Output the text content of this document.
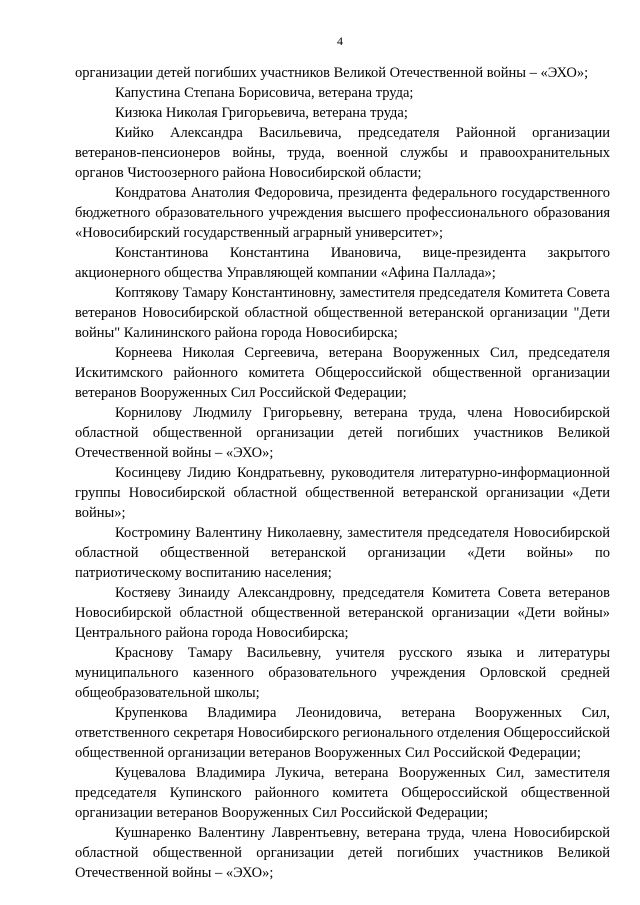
4

организации детей погибших участников Великой Отечественной войны – «ЭХО»;

Капустина Степана Борисовича, ветерана труда;

Кизюка Николая Григорьевича, ветерана труда;

Кийко Александра Васильевича, председателя Районной организации ветеранов-пенсионеров войны, труда, военной службы и правоохранительных органов Чистоозерного района Новосибирской области;

Кондратова Анатолия Федоровича, президента федерального государственного бюджетного образовательного учреждения высшего профессионального образования «Новосибирский государственный аграрный университет»;

Константинова Константина Ивановича, вице-президента закрытого акционерного общества Управляющей компании «Афина Паллада»;

Коптякову Тамару Константиновну, заместителя председателя Комитета Совета ветеранов Новосибирской областной общественной ветеранской организации "Дети войны" Калининского района города Новосибирска;

Корнеева Николая Сергеевича, ветерана Вооруженных Сил, председателя Искитимского районного комитета Общероссийской общественной организации ветеранов Вооруженных Сил Российской Федерации;

Корнилову Людмилу Григорьевну, ветерана труда, члена Новосибирской областной общественной организации детей погибших участников Великой Отечественной войны – «ЭХО»;

Косинцеву Лидию Кондратьевну, руководителя литературно-информационной группы Новосибирской областной общественной ветеранской организации «Дети войны»;

Костромину Валентину Николаевну, заместителя председателя Новосибирской областной общественной ветеранской организации «Дети войны» по патриотическому воспитанию населения;

Костяеву Зинаиду Александровну, председателя Комитета Совета ветеранов Новосибирской областной общественной ветеранской организации «Дети войны» Центрального района города Новосибирска;

Краснову Тамару Васильевну, учителя русского языка и литературы муниципального казенного образовательного учреждения Орловской средней общеобразовательной школы;

Крупенкова Владимира Леонидовича, ветерана Вооруженных Сил, ответственного секретаря Новосибирского регионального отделения Общероссийской общественной организации ветеранов Вооруженных Сил Российской Федерации;

Куцевалова Владимира Лукича, ветерана Вооруженных Сил, заместителя председателя Купинского районного комитета Общероссийской общественной организации ветеранов Вооруженных Сил Российской Федерации;

Кушнаренко Валентину Лаврентьевну, ветерана труда, члена Новосибирской областной общественной организации детей погибших участников Великой Отечественной войны – «ЭХО»;
